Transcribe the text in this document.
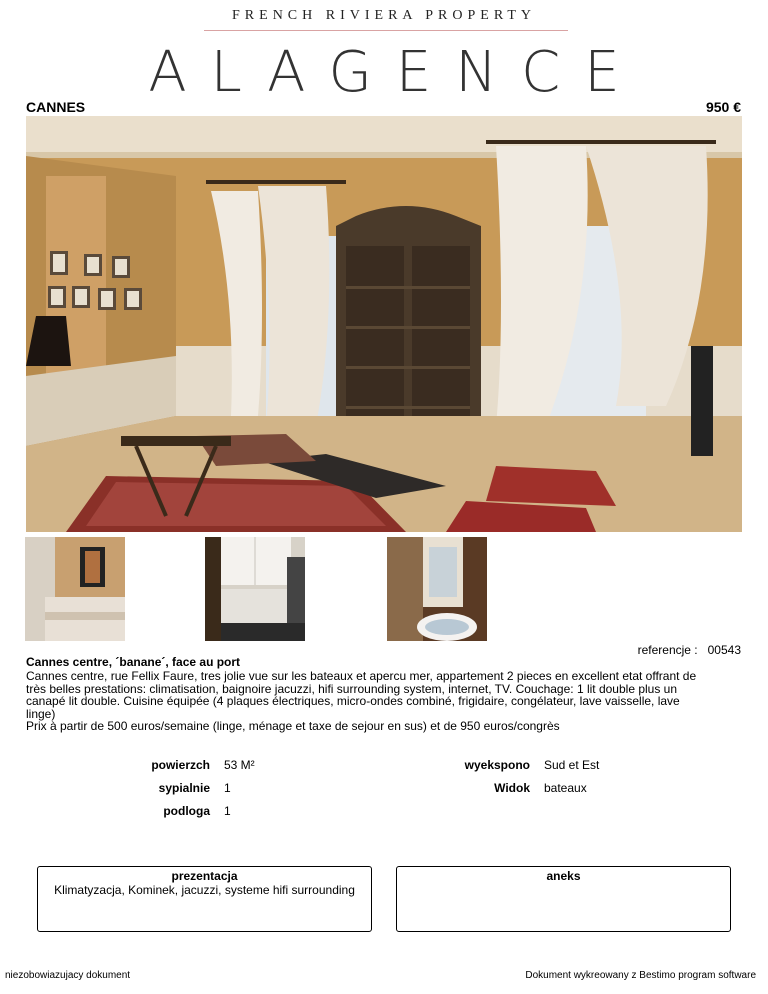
FRENCH RIVIERA PROPERTY
ALAGENCE
CANNES	950 €
referencje : 00543
Cannes centre, ´banane´, face au port
Cannes centre, rue Fellix Faure, tres jolie vue sur les bateaux et apercu mer, appartement 2 pieces en excellent etat offrant de
très belles prestations: climatisation, baignoire jacuzzi, hifi surrounding system, internet, TV. Couchage: 1 lit double plus un
canapé lit double. Cuisine équipée (4 plaques électriques, micro-ondes combiné, frigidaire, congélateur, lave vaisselle, lave
linge)
Prix à partir de 500 euros/semaine (linge, ménage et taxe de sejour en sus) et de 950 euros/congrès
powierzch 53 M²
sypialnie 1
podloga 1
wyekspono Sud et Est
Widok bateaux
prezentacja
Klimatyzacja, Kominek, jacuzzi, systeme hifi surrounding
aneks
niezobowiazujacy dokument	Dokument wykreowany z Bestimo program software
